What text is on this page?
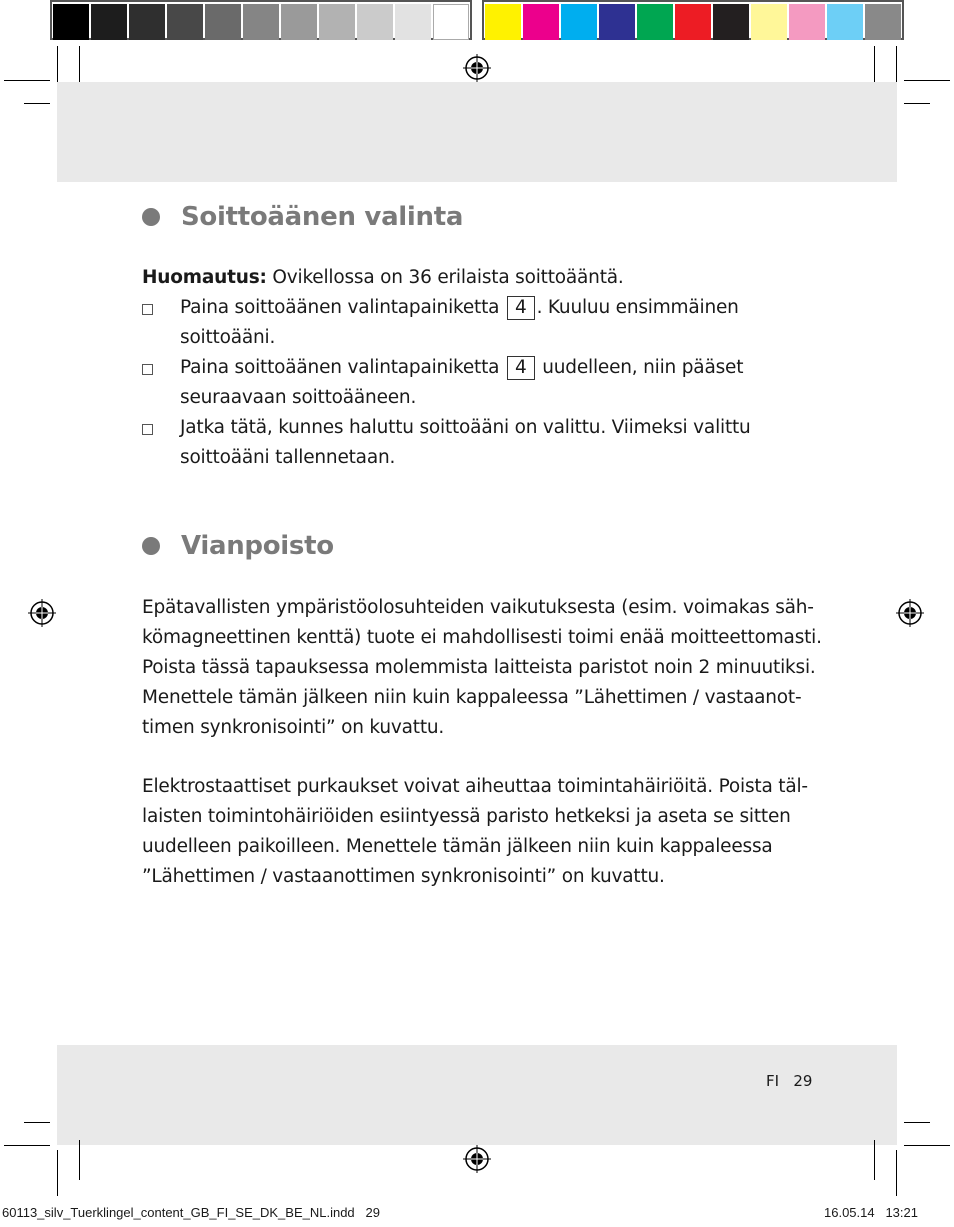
Soittoäänen valinta
Huomautus: Ovikellossa on 36 erilaista soittoääntä.
Paina soittoäänen valintapainiketta 4 . Kuuluu ensimmäinen
soittoääni.
Paina soittoäänen valintapainiketta 4 uudelleen, niin pääset
seuraavaan soittoääneen.
Jatka tätä, kunnes haluttu soittoääni on valittu. Viimeksi valittu
soittoääni tallennetaan.
Vianpoisto
Epätavallisten ympäristöolosuhteiden vaikutuksesta (esim. voimakas säh-
kömagneettinen kenttä) tuote ei mahdollisesti toimi enää moitteettomasti.
Poista tässä tapauksessa molemmista laitteista paristot noin 2 minuutiksi.
Menettele tämän jälkeen niin kuin kappaleessa ”Lähettimen / vastaanot-
timen synkronisointi” on kuvattu.
Elektrostaattiset purkaukset voivat aiheuttaa toimintahäiriöitä. Poista täl-
laisten toimintohäiriöiden esiintyessä paristo hetkeksi ja aseta se sitten
uudelleen paikoilleen. Menettele tämän jälkeen niin kuin kappaleessa
”Lähettimen / vastaanottimen synkronisointi” on kuvattu.
FI 29
60113_silv_Tuerklingel_content_GB_FI_SE_DK_BE_NL.indd   29	16.05.14 13:21
